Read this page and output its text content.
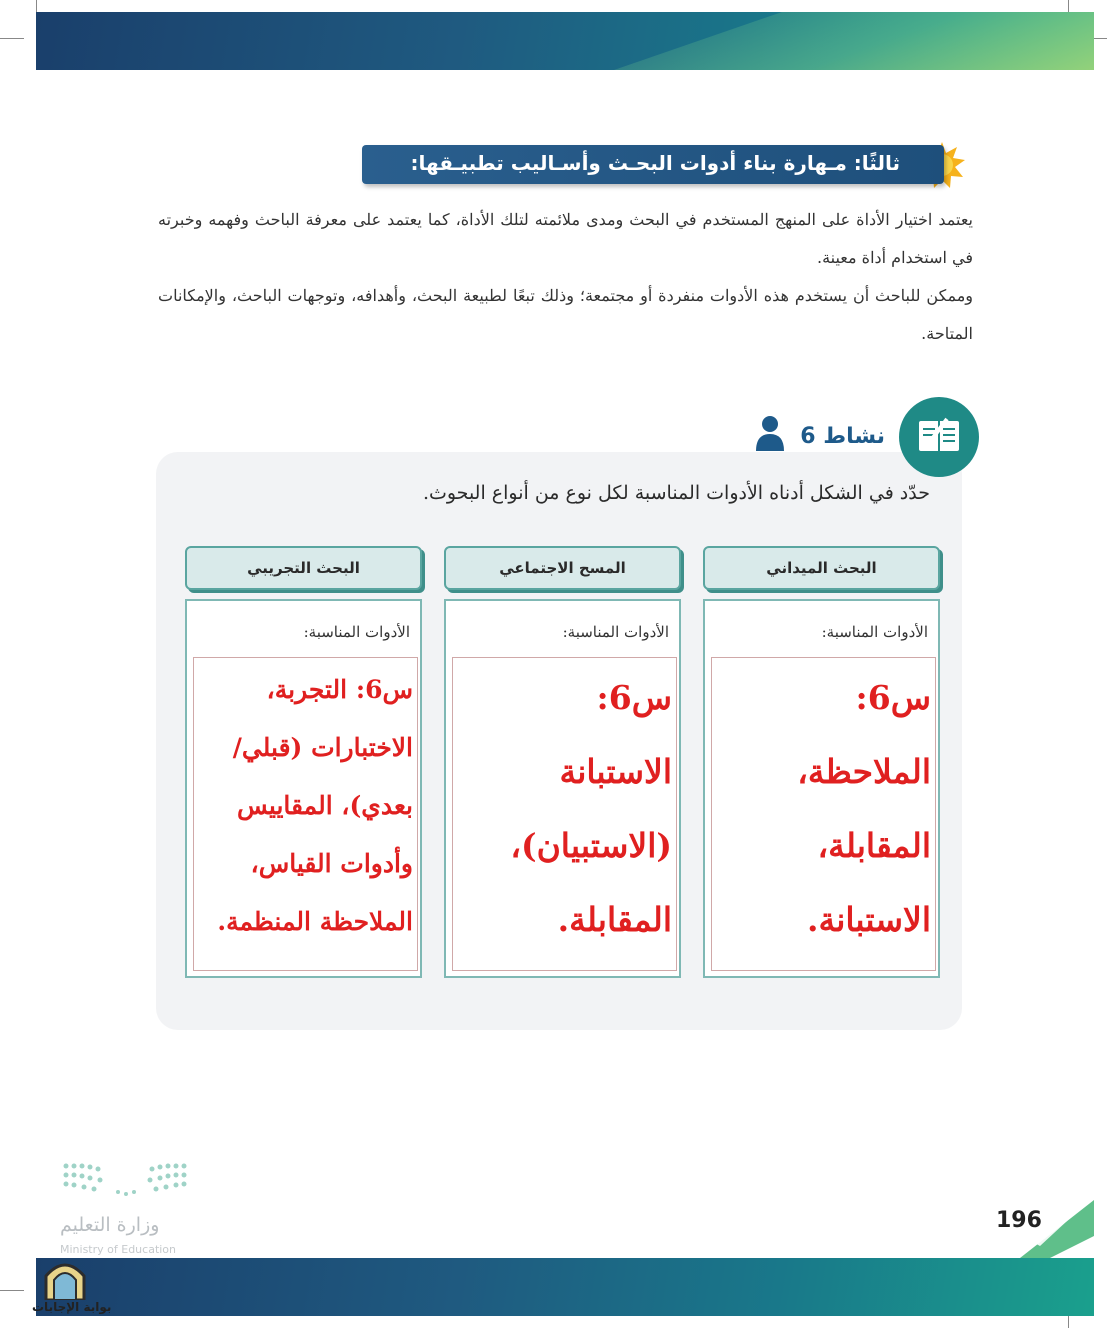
ثالثًا: مـهارة بناء أدوات البحـث وأسـاليب تطبيـقها:

يعتمد اختيار الأداة على المنهج المستخدم في البحث ومدى ملائمته لتلك الأداة، كما يعتمد على معرفة الباحث وفهمه وخبرته في استخدام أداة معينة.

وممكن للباحث أن يستخدم هذه الأدوات منفردة أو مجتمعة؛ وذلك تبعًا لطبيعة البحث، وأهدافه، وتوجهات الباحث، والإمكانات المتاحة.

نشاط 6

حدّد في الشكل أدناه الأدوات المناسبة لكل نوع من أنواع البحوث.

البحث الميداني
الأدوات المناسبة:
س6:
الملاحظة،
المقابلة،
الاستبانة.
المسح الاجتماعي
الأدوات المناسبة:
س6:
الاستبانة
(الاستبيان)،
المقابلة.
البحث التجريبي
الأدوات المناسبة:
س6: التجربة،
الاختبارات (قبلي/
بعدي)، المقاييس
وأدوات القياس،
الملاحظة المنظمة.
وزارة التعليم
Ministry of Education
196
بوابة الإجابات
